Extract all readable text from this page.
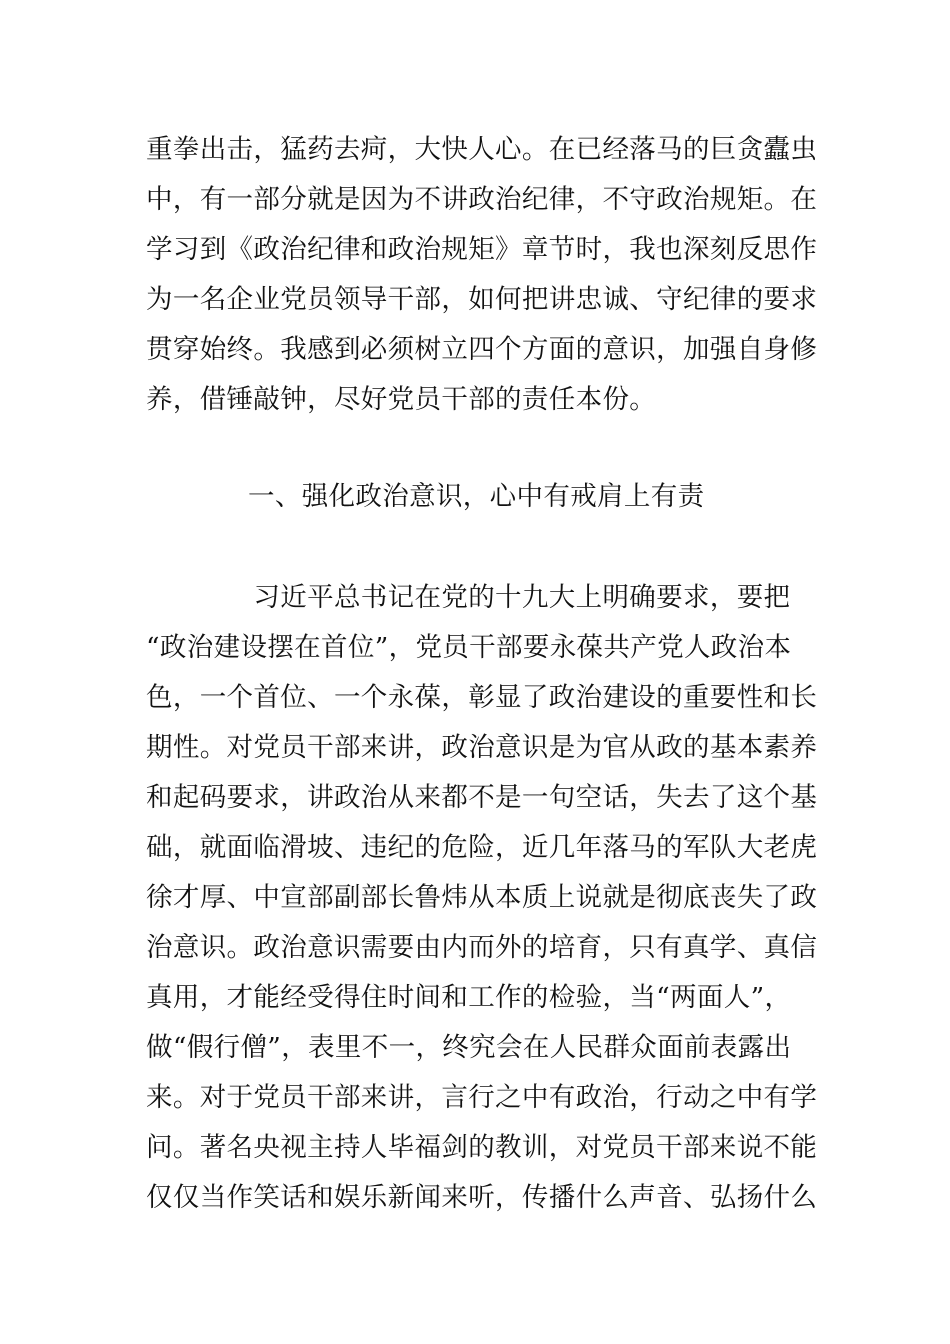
重拳出击，猛药去疴，大快人心。在已经落马的巨贪蠹虫
中，有一部分就是因为不讲政治纪律，不守政治规矩。在
学习到《政治纪律和政治规矩》章节时，我也深刻反思作
为一名企业党员领导干部，如何把讲忠诚、守纪律的要求
贯穿始终。我感到必须树立四个方面的意识，加强自身修
养，借锤敲钟，尽好党员干部的责任本份。
一、强化政治意识，心中有戒肩上有责
　　　　习近平总书记在党的十九大上明确要求，要把
“政治建设摆在首位”，党员干部要永葆共产党人政治本
色，一个首位、一个永葆，彰显了政治建设的重要性和长
期性。对党员干部来讲，政治意识是为官从政的基本素养
和起码要求，讲政治从来都不是一句空话，失去了这个基
础，就面临滑坡、违纪的危险，近几年落马的军队大老虎
徐才厚、中宣部副部长鲁炜从本质上说就是彻底丧失了政
治意识。政治意识需要由内而外的培育，只有真学、真信
真用，才能经受得住时间和工作的检验，当“两面人”，
做“假行僧”，表里不一，终究会在人民群众面前表露出
来。对于党员干部来讲，言行之中有政治，行动之中有学
问。著名央视主持人毕福剑的教训，对党员干部来说不能
仅仅当作笑话和娱乐新闻来听，传播什么声音、弘扬什么
